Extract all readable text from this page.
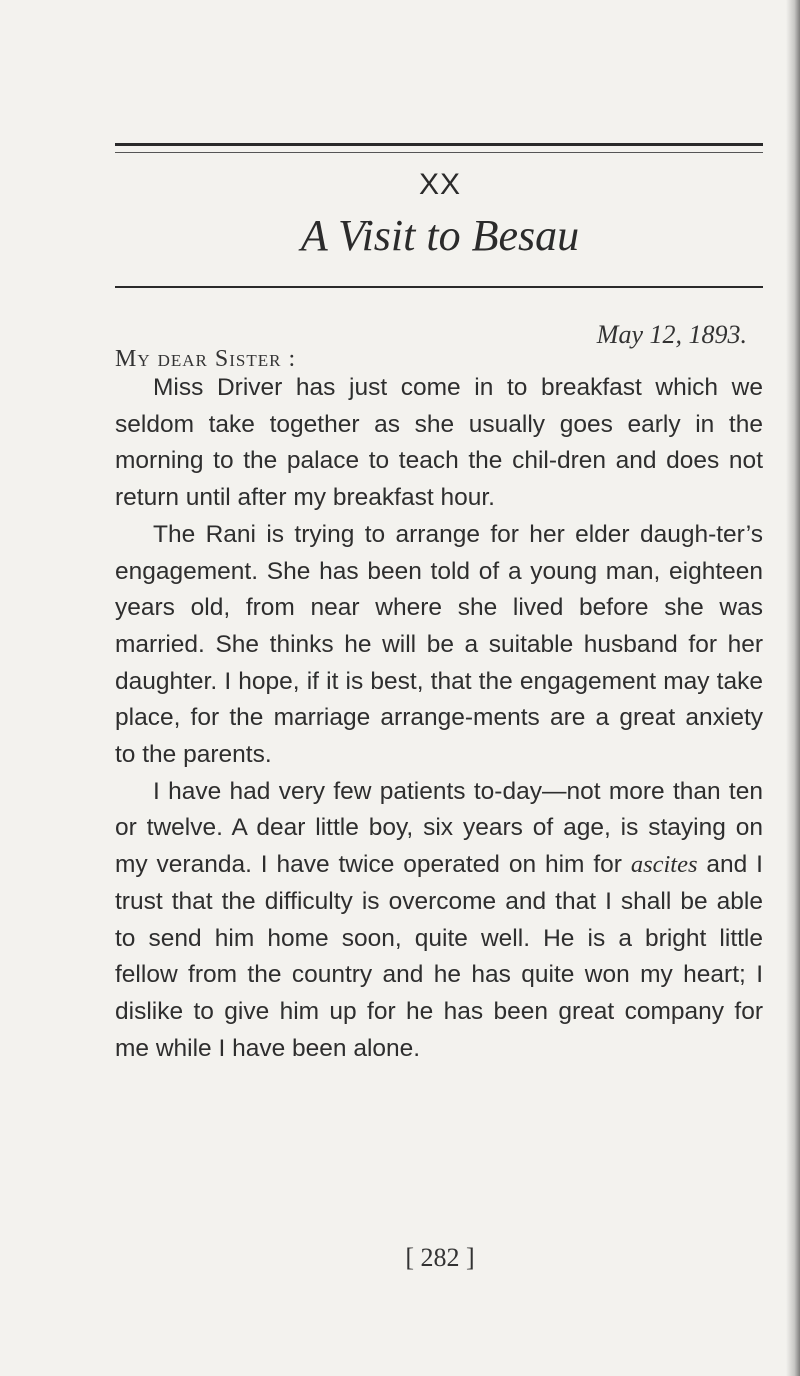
XX
A Visit to Besau
May 12, 1893.
My dear Sister :

Miss Driver has just come in to breakfast which we seldom take together as she usually goes early in the morning to the palace to teach the chil-dren and does not return until after my breakfast hour.

The Rani is trying to arrange for her elder daugh-ter’s engagement. She has been told of a young man, eighteen years old, from near where she lived before she was married. She thinks he will be a suitable husband for her daughter. I hope, if it is best, that the engagement may take place, for the marriage arrange-ments are a great anxiety to the parents.

I have had very few patients to-day—not more than ten or twelve. A dear little boy, six years of age, is staying on my veranda. I have twice operated on him for ascites and I trust that the difficulty is overcome and that I shall be able to send him home soon, quite well. He is a bright little fellow from the country and he has quite won my heart; I dislike to give him up for he has been great company for me while I have been alone.

[ 282 ]
